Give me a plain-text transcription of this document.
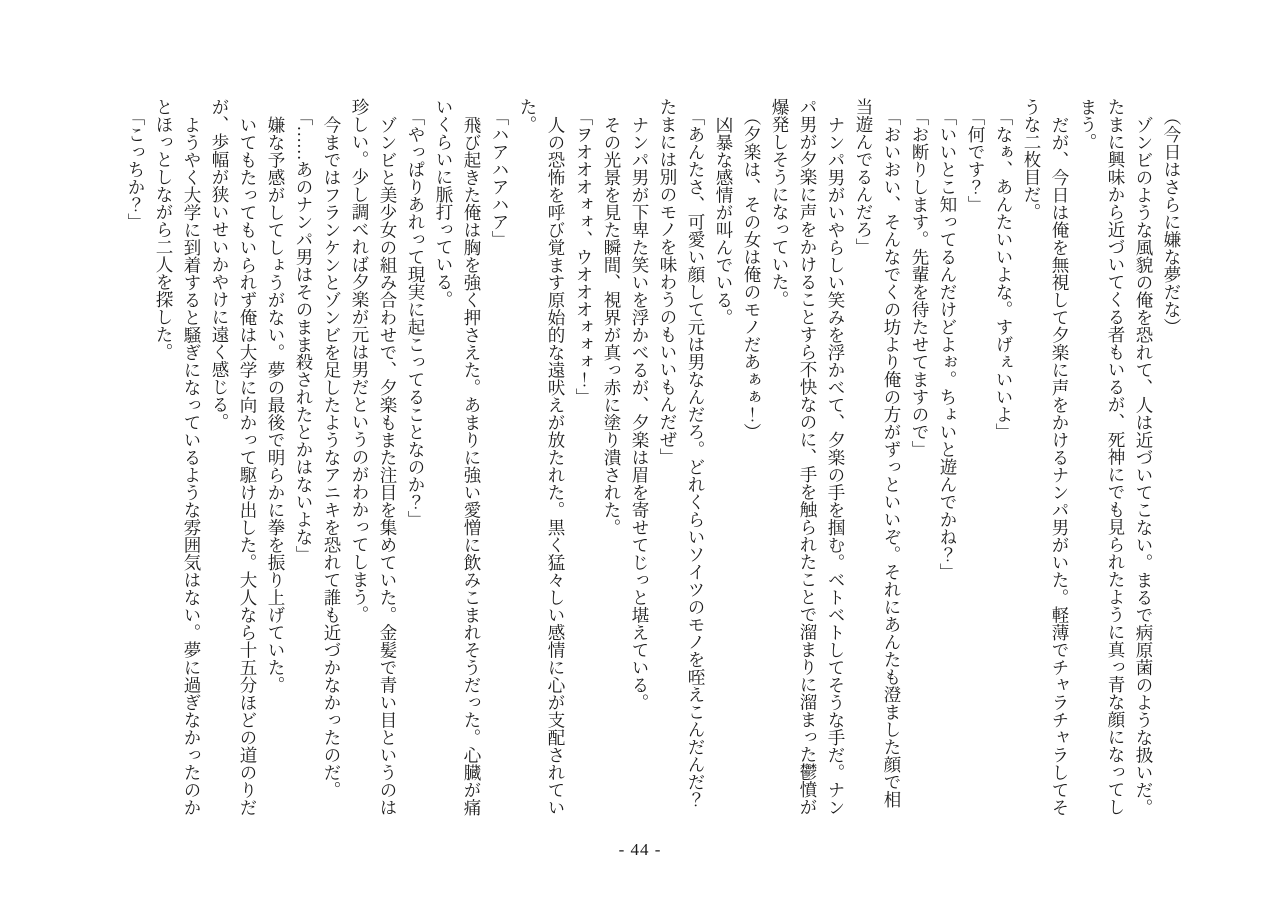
（今日はさらに嫌な夢だな）

ゾンビのような風貌の俺を恐れて、人は近づいてこない。まるで病原菌のような扱いだ。たまに興味から近づいてくる者もいるが、死神にでも見られたように真っ青な顔になってしまう。

だが、今日は俺を無視して夕楽に声をかけるナンパ男がいた。軽薄でチャラチャラしてそうな二枚目だ。

「なぁ、あんたいいよな。すげぇいいよ」

「何です？」

「いいとこ知ってるんだけどよぉ。ちょいと遊んでかね？」

「お断りします。先輩を待たせてますので」

「おいおい、そんなでくの坊より俺の方がずっといいぞ。それにあんたも澄ました顔で相当遊んでるんだろ」

ナンパ男がいやらしい笑みを浮かべて、夕楽の手を掴む。ベトベトしてそうな手だ。ナンパ男が夕楽に声をかけることすら不快なのに、手を触られたことで溜まりに溜まった鬱憤が爆発しそうになっていた。

（夕楽は、その女は俺のモノだあぁぁ！）

凶暴な感情が叫んでいる。

「あんたさ、可愛い顔して元は男なんだろ。どれくらいソイツのモノを咥えこんだんだ？　たまには別のモノを味わうのもいいもんだぜ」

ナンパ男が下卑た笑いを浮かべるが、夕楽は眉を寄せてじっと堪えている。

その光景を見た瞬間、視界が真っ赤に塗り潰された。

「ヲオオオォォ、ウオオオォォォ！」

人の恐怖を呼び覚ます原始的な遠吠えが放たれた。黒く猛々しい感情に心が支配されていた。

「ハアハアハア」

飛び起きた俺は胸を強く押さえた。あまりに強い愛憎に飲みこまれそうだった。心臓が痛いくらいに脈打っている。

「やっぱりあれって現実に起こってることなのか？」

ゾンビと美少女の組み合わせで、夕楽もまた注目を集めていた。金髪で青い目というのは珍しい。少し調べれば夕楽が元は男だというのがわかってしまう。

今まではフランケンとゾンビを足したようなアニキを恐れて誰も近づかなかったのだ。

「……あのナンパ男はそのまま殺されたとかはないよな」

嫌な予感がしてしょうがない。夢の最後で明らかに拳を振り上げていた。

いてもたってもいられず俺は大学に向かって駆け出した。大人なら十五分ほどの道のりだが、歩幅が狭いせいかやけに遠く感じる。

ようやく大学に到着すると騒ぎになっているような雰囲気はない。夢に過ぎなかったのかとほっとしながら二人を探した。

「こっちか？」

- 44 -
